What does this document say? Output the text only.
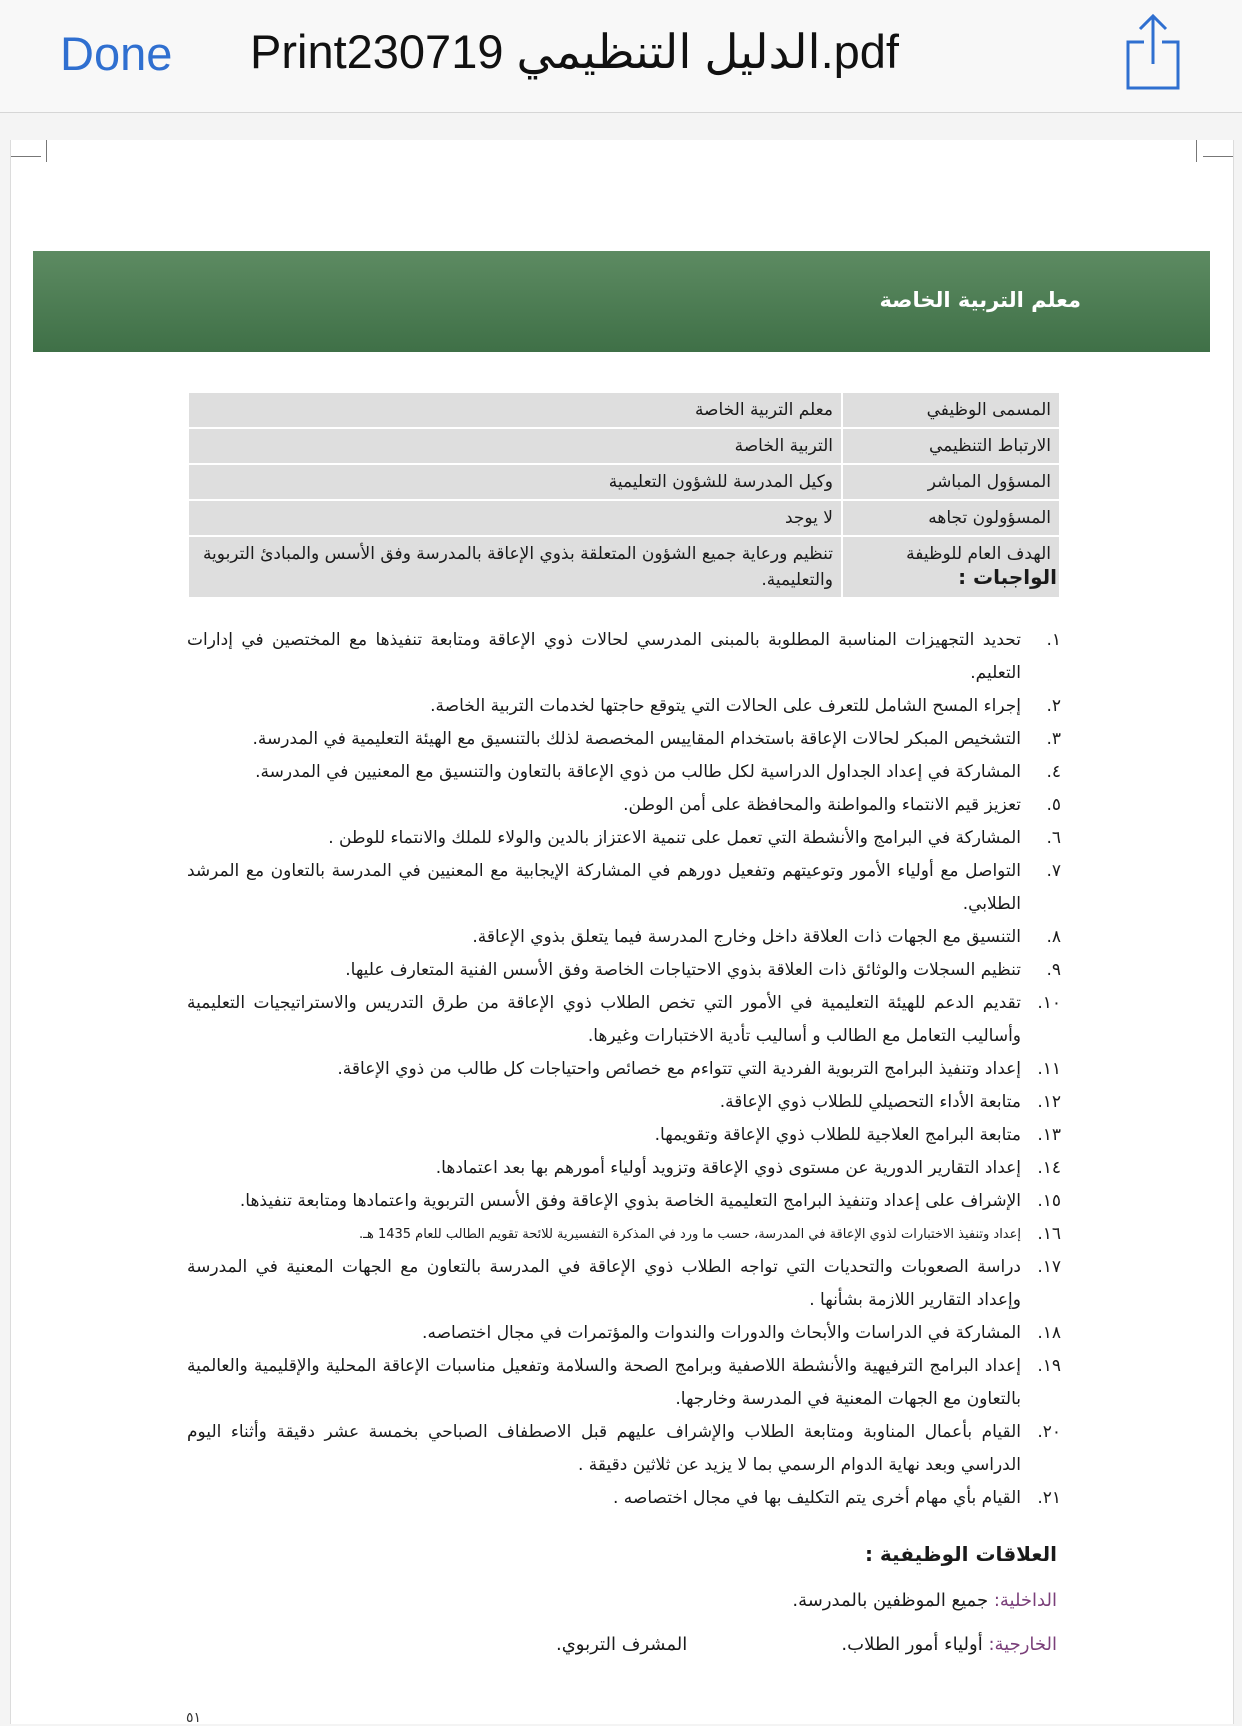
Done Print230719 الدليل التنظيمي.pdf
معلم التربية الخاصة
المسمى الوظيفي	معلم التربية الخاصة
الارتباط التنظيمي	التربية الخاصة
المسؤول المباشر	وكيل المدرسة للشؤون التعليمية
المسؤولون تجاهه	لا يوجد
الهدف العام للوظيفة	تنظيم ورعاية جميع الشؤون المتعلقة بذوي الإعاقة بالمدرسة وفق الأسس والمبادئ التربوية والتعليمية.	الواجبات :
١.
تحديد التجهيزات المناسبة المطلوبة بالمبنى المدرسي لحالات ذوي الإعاقة ومتابعة تنفيذها مع المختصين في إدارات التعليم.
٢.
إجراء المسح الشامل للتعرف على الحالات التي يتوقع حاجتها لخدمات التربية الخاصة.
٣.
التشخيص المبكر لحالات الإعاقة باستخدام المقاييس المخصصة لذلك بالتنسيق مع الهيئة التعليمية في المدرسة.
٤.
المشاركة في إعداد الجداول الدراسية لكل طالب من ذوي الإعاقة بالتعاون والتنسيق مع المعنيين في المدرسة.
٥.
تعزيز قيم الانتماء والمواطنة والمحافظة على أمن الوطن.
٦.
المشاركة في البرامج والأنشطة التي تعمل على تنمية الاعتزاز بالدين والولاء للملك والانتماء للوطن .
٧.
التواصل مع أولياء الأمور وتوعيتهم وتفعيل دورهم في المشاركة الإيجابية مع المعنيين في المدرسة بالتعاون مع المرشد الطلابي.
٨.
التنسيق مع الجهات ذات العلاقة داخل وخارج المدرسة فيما يتعلق بذوي الإعاقة.
٩.
تنظيم السجلات والوثائق ذات العلاقة بذوي الاحتياجات الخاصة وفق الأسس الفنية المتعارف عليها.
١٠.
تقديم الدعم للهيئة التعليمية في الأمور التي تخص الطلاب ذوي الإعاقة من طرق التدريس والاستراتيجيات التعليمية وأساليب التعامل مع الطالب و أساليب تأدية الاختبارات وغيرها.
١١.
إعداد وتنفيذ البرامج التربوية الفردية التي تتواءم مع خصائص واحتياجات كل طالب من ذوي الإعاقة.
١٢.
متابعة الأداء التحصيلي للطلاب ذوي الإعاقة.
١٣.
متابعة البرامج العلاجية للطلاب ذوي الإعاقة وتقويمها.
١٤.
إعداد التقارير الدورية عن مستوى ذوي الإعاقة وتزويد أولياء أمورهم بها بعد اعتمادها.
١٥.
الإشراف على إعداد وتنفيذ البرامج التعليمية الخاصة بذوي الإعاقة وفق الأسس التربوية واعتمادها ومتابعة تنفيذها.
١٦.
إعداد وتنفيذ الاختبارات لذوي الإعاقة في المدرسة، حسب ما ورد في المذكرة التفسيرية للائحة تقويم الطالب للعام 1435 هـ.
١٧.
دراسة الصعوبات والتحديات التي تواجه الطلاب ذوي الإعاقة في المدرسة بالتعاون مع الجهات المعنية في المدرسة وإعداد التقارير اللازمة بشأنها .
١٨.
المشاركة في الدراسات والأبحاث والدورات والندوات والمؤتمرات في مجال اختصاصه.
١٩.
إعداد البرامج الترفيهية والأنشطة اللاصفية وبرامج الصحة والسلامة وتفعيل مناسبات الإعاقة المحلية والإقليمية والعالمية بالتعاون مع الجهات المعنية في المدرسة وخارجها.
٢٠.
القيام بأعمال المناوبة ومتابعة الطلاب والإشراف عليهم قبل الاصطفاف الصباحي بخمسة عشر دقيقة وأثناء اليوم الدراسي وبعد نهاية الدوام الرسمي بما لا يزيد عن ثلاثين دقيقة .
٢١.
القيام بأي مهام أخرى يتم التكليف بها في مجال اختصاصه .
العلاقات الوظيفية :
الداخلية: جميع الموظفين بالمدرسة.
الخارجية: أولياء أمور الطلاب.
المشرف التربوي.
٥١
